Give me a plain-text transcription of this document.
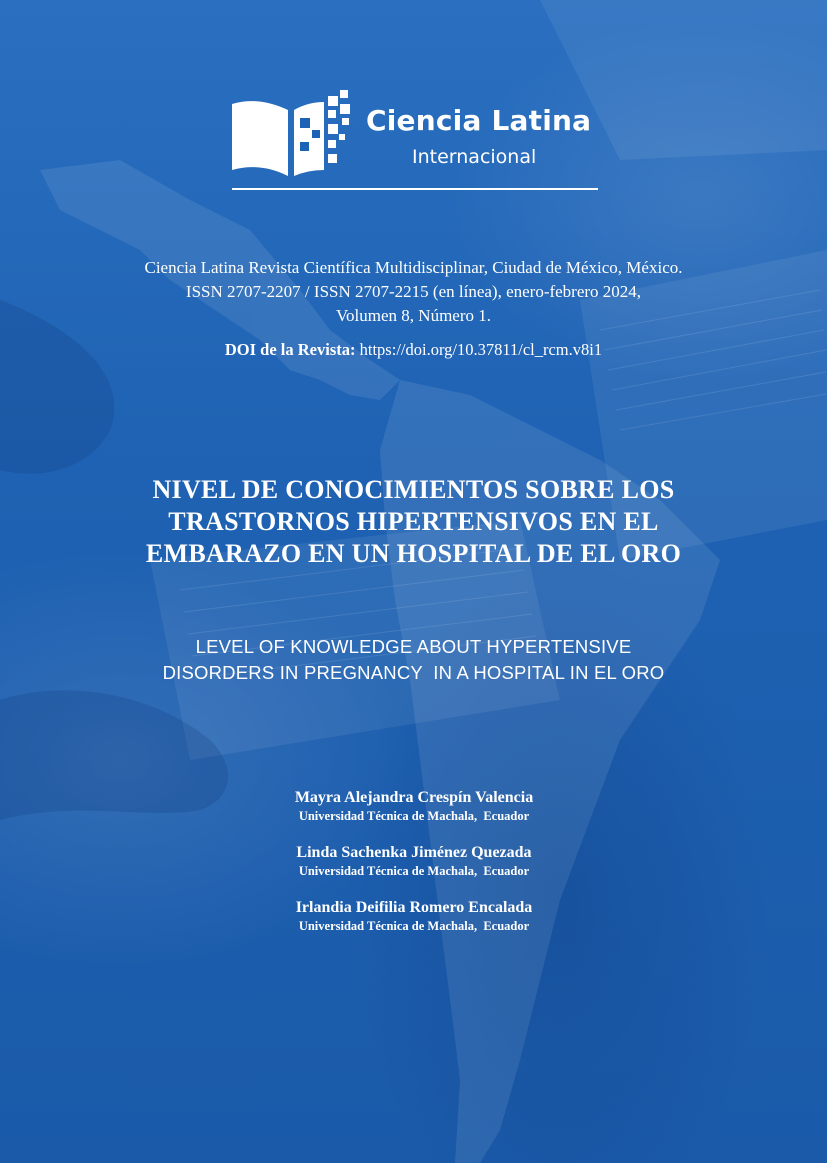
Ciencia Latina
Internacional

Ciencia Latina Revista Científica Multidisciplinar, Ciudad de México, México.

ISSN 2707-2207 / ISSN 2707-2215 (en línea), enero-febrero 2024,

Volumen 8, Número 1.

DOI de la Revista: https://doi.org/10.37811/cl_rcm.v8i1

NIVEL DE CONOCIMIENTOS SOBRE LOS

TRASTORNOS HIPERTENSIVOS EN EL

EMBARAZO EN UN HOSPITAL DE EL ORO

LEVEL OF KNOWLEDGE ABOUT HYPERTENSIVE

DISORDERS IN PREGNANCY  IN A HOSPITAL IN EL ORO

Mayra Alejandra Crespín Valencia
Universidad Técnica de Machala,  Ecuador
Linda Sachenka Jiménez Quezada
Universidad Técnica de Machala,  Ecuador
Irlandia Deifilia Romero Encalada
Universidad Técnica de Machala,  Ecuador
